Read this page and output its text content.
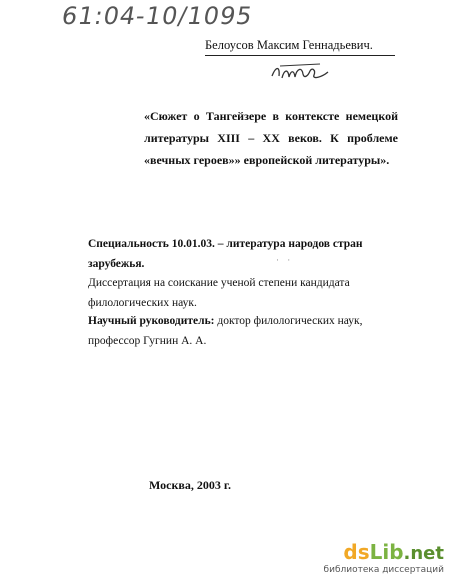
61:04-10/1095
Белоусов Максим Геннадьевич.
«Сюжет о Тангейзере в контексте немецкой литературы XIII – XX веков. К проблеме «вечных героев»» европейской литературы».
Специальность 10.01.03. – литература народов стран зарубежья.	· ·
Диссертация на соискание ученой степени кандидата филологических наук.
Научный руководитель: доктор филологических наук, профессор Гугнин А. А.
Москва, 2003 г.
dsLib.net
библиотека диссертаций
